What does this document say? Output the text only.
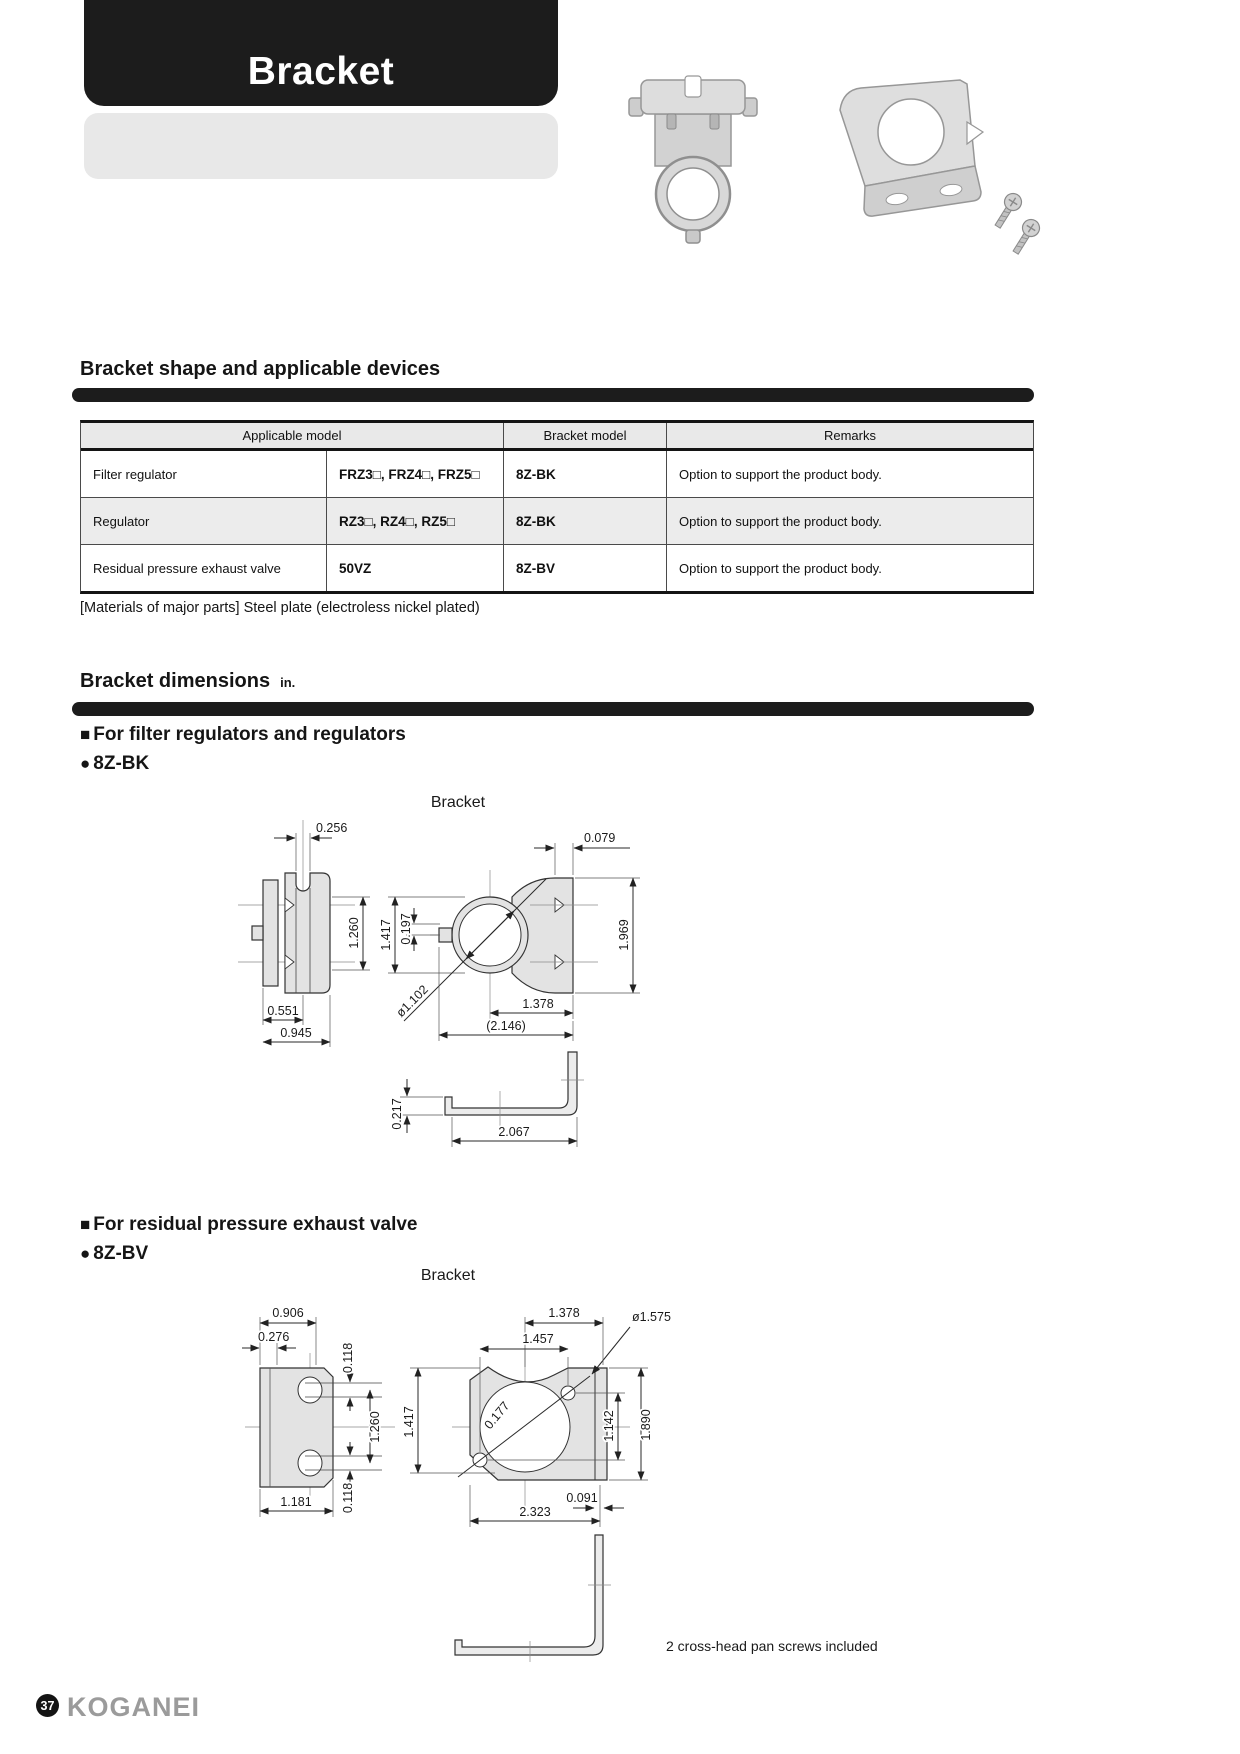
Bracket
Bracket shape and applicable devices
Applicable model	Bracket model	Remarks
Filter regulator	FRZ3□, FRZ4□, FRZ5□	8Z-BK	Option to support the product body.
Regulator	RZ3□, RZ4□, RZ5□	8Z-BK	Option to support the product body.
Residual pressure exhaust valve	50VZ	8Z-BV	Option to support the product body.
[Materials of major parts] Steel plate (electroless nickel plated)
Bracket dimensions in.
■ For filter regulators and regulators
● 8Z-BK
Bracket
0.256
1.260
0.551
0.945
0.079
1.969
1.417 0.197
ø1.102	1.378
(2.146)
0.217
2.067
■ For residual pressure exhaust valve
● 8Z-BV
Bracket
0.906
0.276
0.118
1.260
0.118
1.181
ø1.575
0.177
1.378
1.457
1.417	1.142 1.890
2.323
0.091
2 cross-head pan screws included
37 KOGANEI
